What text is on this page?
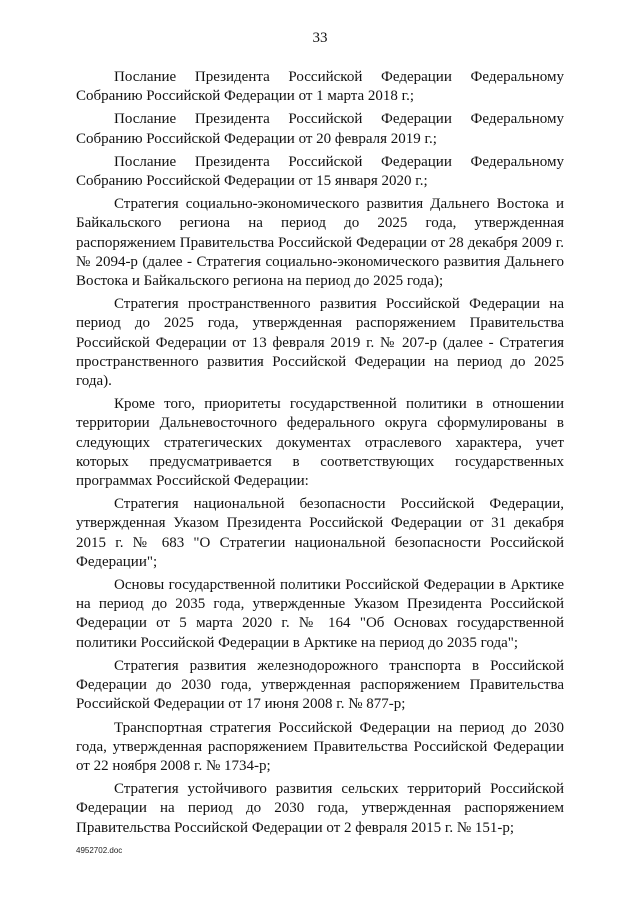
33

Послание Президента Российской Федерации Федеральному Собранию Российской Федерации от 1 марта 2018 г.;

Послание Президента Российской Федерации Федеральному Собранию Российской Федерации от 20 февраля 2019 г.;

Послание Президента Российской Федерации Федеральному Собранию Российской Федерации от 15 января 2020 г.;

Стратегия социально-экономического развития Дальнего Востока и Байкальского региона на период до 2025 года, утвержденная распоряжением Правительства Российской Федерации от 28 декабря 2009 г. № 2094-р (далее - Стратегия социально-экономического развития Дальнего Востока и Байкальского региона на период до 2025 года);

Стратегия пространственного развития Российской Федерации на период до 2025 года, утвержденная распоряжением Правительства Российской Федерации от 13 февраля 2019 г. № 207-р (далее - Стратегия пространственного развития Российской Федерации на период до 2025 года).

Кроме того, приоритеты государственной политики в отношении территории Дальневосточного федерального округа сформулированы в следующих стратегических документах отраслевого характера, учет которых предусматривается в соответствующих государственных программах Российской Федерации:

Стратегия национальной безопасности Российской Федерации, утвержденная Указом Президента Российской Федерации от 31 декабря 2015 г. № 683 "О Стратегии национальной безопасности Российской Федерации";

Основы государственной политики Российской Федерации в Арктике на период до 2035 года, утвержденные Указом Президента Российской Федерации от 5 марта 2020 г. № 164 "Об Основах государственной политики Российской Федерации в Арктике на период до 2035 года";

Стратегия развития железнодорожного транспорта в Российской Федерации до 2030 года, утвержденная распоряжением Правительства Российской Федерации от 17 июня 2008 г. № 877-р;

Транспортная стратегия Российской Федерации на период до 2030 года, утвержденная распоряжением Правительства Российской Федерации от 22 ноября 2008 г. № 1734-р;

Стратегия устойчивого развития сельских территорий Российской Федерации на период до 2030 года, утвержденная распоряжением Правительства Российской Федерации от 2 февраля 2015 г. № 151-р;

4952702.doc
